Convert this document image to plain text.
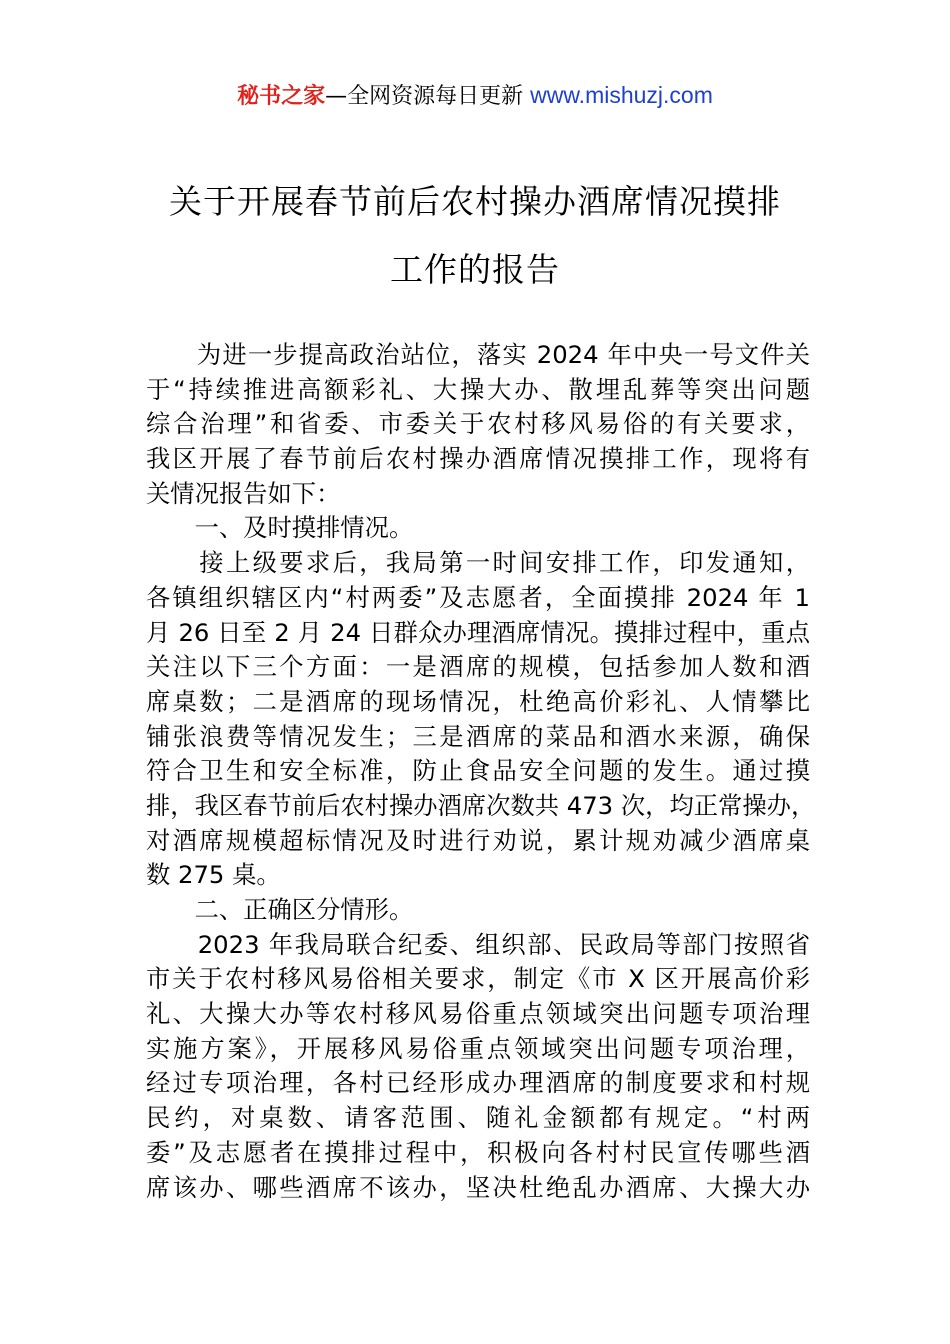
秘书之家—全网资源每日更新 www.mishuzj.com
关于开展春节前后农村操办酒席情况摸排
工作的报告
　　为进一步提高政治站位，落实 2024 年中央一号文件关
于“持续推进高额彩礼、大操大办、散埋乱葬等突出问题
综合治理”和省委、市委关于农村移风易俗的有关要求，
我区开展了春节前后农村操办酒席情况摸排工作，现将有
关情况报告如下：
　　一、及时摸排情况。
　　接上级要求后，我局第一时间安排工作，印发通知，
各镇组织辖区内“村两委”及志愿者，全面摸排 2024 年 1
月 26 日至 2 月 24 日群众办理酒席情况。摸排过程中，重点
关注以下三个方面：一是酒席的规模，包括参加人数和酒
席桌数；二是酒席的现场情况，杜绝高价彩礼、人情攀比
铺张浪费等情况发生；三是酒席的菜品和酒水来源，确保
符合卫生和安全标准，防止食品安全问题的发生。通过摸
排，我区春节前后农村操办酒席次数共 473 次，均正常操办，
对酒席规模超标情况及时进行劝说，累计规劝减少酒席桌
数 275 桌。
　　二、正确区分情形。
　　2023 年我局联合纪委、组织部、民政局等部门按照省
市关于农村移风易俗相关要求，制定《市 X 区开展高价彩
礼、大操大办等农村移风易俗重点领域突出问题专项治理
实施方案》，开展移风易俗重点领域突出问题专项治理，
经过专项治理，各村已经形成办理酒席的制度要求和村规
民约，对桌数、请客范围、随礼金额都有规定。“村两
委”及志愿者在摸排过程中，积极向各村村民宣传哪些酒
席该办、哪些酒席不该办，坚决杜绝乱办酒席、大操大办
